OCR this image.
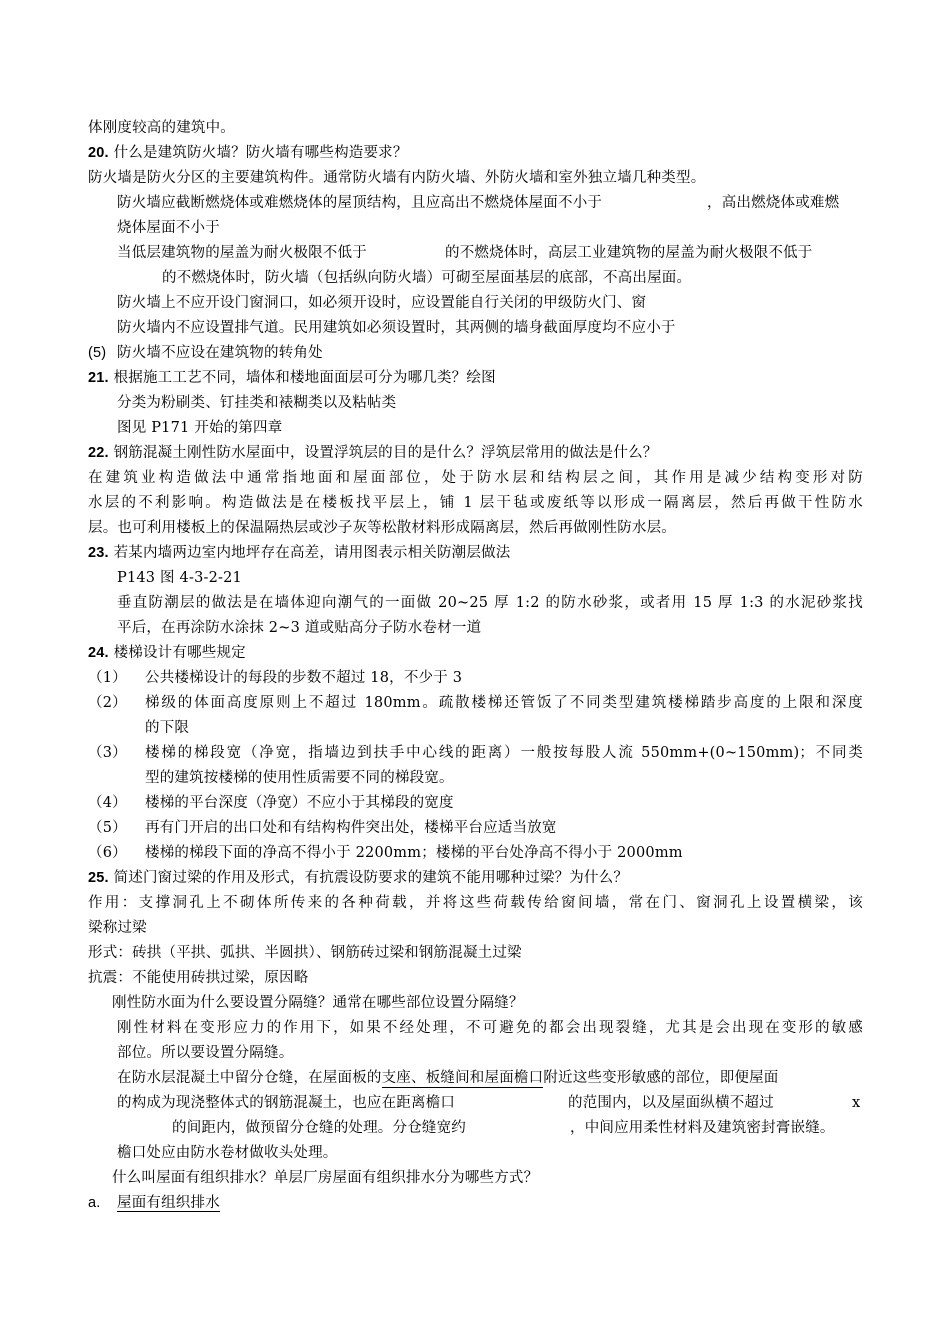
体刚度较高的建筑中。
20. 什么是建筑防火墙？防火墙有哪些构造要求？
防火墙是防火分区的主要建筑构件。通常防火墙有内防火墙、外防火墙和室外独立墙几种类型。
防火墙应截断燃烧体或难燃烧体的屋顶结构，且应高出不燃烧体屋面不小于	，高出燃烧体或难燃
烧体屋面不小于
当低层建筑物的屋盖为耐火极限不低于	的不燃烧体时，高层工业建筑物的屋盖为耐火极限不低于
的不燃烧体时，防火墙（包括纵向防火墙）可砌至屋面基层的底部，不高出屋面。
防火墙上不应开设门窗洞口，如必须开设时，应设置能自行关闭的甲级防火门、窗
防火墙内不应设置排气道。民用建筑如必须设置时，其两侧的墙身截面厚度均不应小于
(5) 防火墙不应设在建筑物的转角处
21. 根据施工工艺不同，墙体和楼地面面层可分为哪几类？绘图
分类为粉刷类、钉挂类和裱糊类以及粘帖类
图见 P171 开始的第四章
22. 钢筋混凝土刚性防水屋面中，设置浮筑层的目的是什么？浮筑层常用的做法是什么？
在建筑业构造做法中通常指地面和屋面部位，处于防水层和结构层之间，其作用是减少结构变形对防
水层的不利影响。构造做法是在楼板找平层上，铺 1 层干毡或废纸等以形成一隔离层，然后再做干性防水
层。也可利用楼板上的保温隔热层或沙子灰等松散材料形成隔离层，然后再做刚性防水层。
23. 若某内墙两边室内地坪存在高差，请用图表示相关防潮层做法
P143 图 4-3-2-21
垂直防潮层的做法是在墙体迎向潮气的一面做 20~25 厚 1:2 的防水砂浆，或者用 15 厚 1:3 的水泥砂浆找
平后，在再涂防水涂抹 2~3 道或贴高分子防水卷材一道
24. 楼梯设计有哪些规定
（1） 公共楼梯设计的每段的步数不超过 18，不少于 3
（2） 梯级的体面高度原则上不超过 180mm。疏散楼梯还管饭了不同类型建筑楼梯踏步高度的上限和深度
的下限
（3） 楼梯的梯段宽（净宽，指墙边到扶手中心线的距离）一般按每股人流 550mm+(0~150mm)；不同类
型的建筑按楼梯的使用性质需要不同的梯段宽。
（4） 楼梯的平台深度（净宽）不应小于其梯段的宽度
（5） 再有门开启的出口处和有结构构件突出处，楼梯平台应适当放宽
（6） 楼梯的梯段下面的净高不得小于 2200mm；楼梯的平台处净高不得小于 2000mm
25. 简述门窗过梁的作用及形式，有抗震设防要求的建筑不能用哪种过梁？为什么？
作用：支撑洞孔上不砌体所传来的各种荷载，并将这些荷载传给窗间墙，常在门、窗洞孔上设置横梁，该
梁称过梁
形式：砖拱（平拱、弧拱、半圆拱）、钢筋砖过梁和钢筋混凝土过梁
抗震：不能使用砖拱过梁，原因略
刚性防水面为什么要设置分隔缝？通常在哪些部位设置分隔缝？
刚性材料在变形应力的作用下，如果不经处理，不可避免的都会出现裂缝，尤其是会出现在变形的敏感
部位。所以要设置分隔缝。
在防水层混凝土中留分仓缝，在屋面板的支座、板缝间和屋面檐口附近这些变形敏感的部位，即便屋面
的构成为现浇整体式的钢筋混凝土，也应在距离檐口	的范围内，以及屋面纵横不超过	x
的间距内，做预留分仓缝的处理。分仓缝宽约	，中间应用柔性材料及建筑密封膏嵌缝。
檐口处应由防水卷材做收头处理。
什么叫屋面有组织排水？单层厂房屋面有组织排水分为哪些方式？
a. 屋面有组织排水
